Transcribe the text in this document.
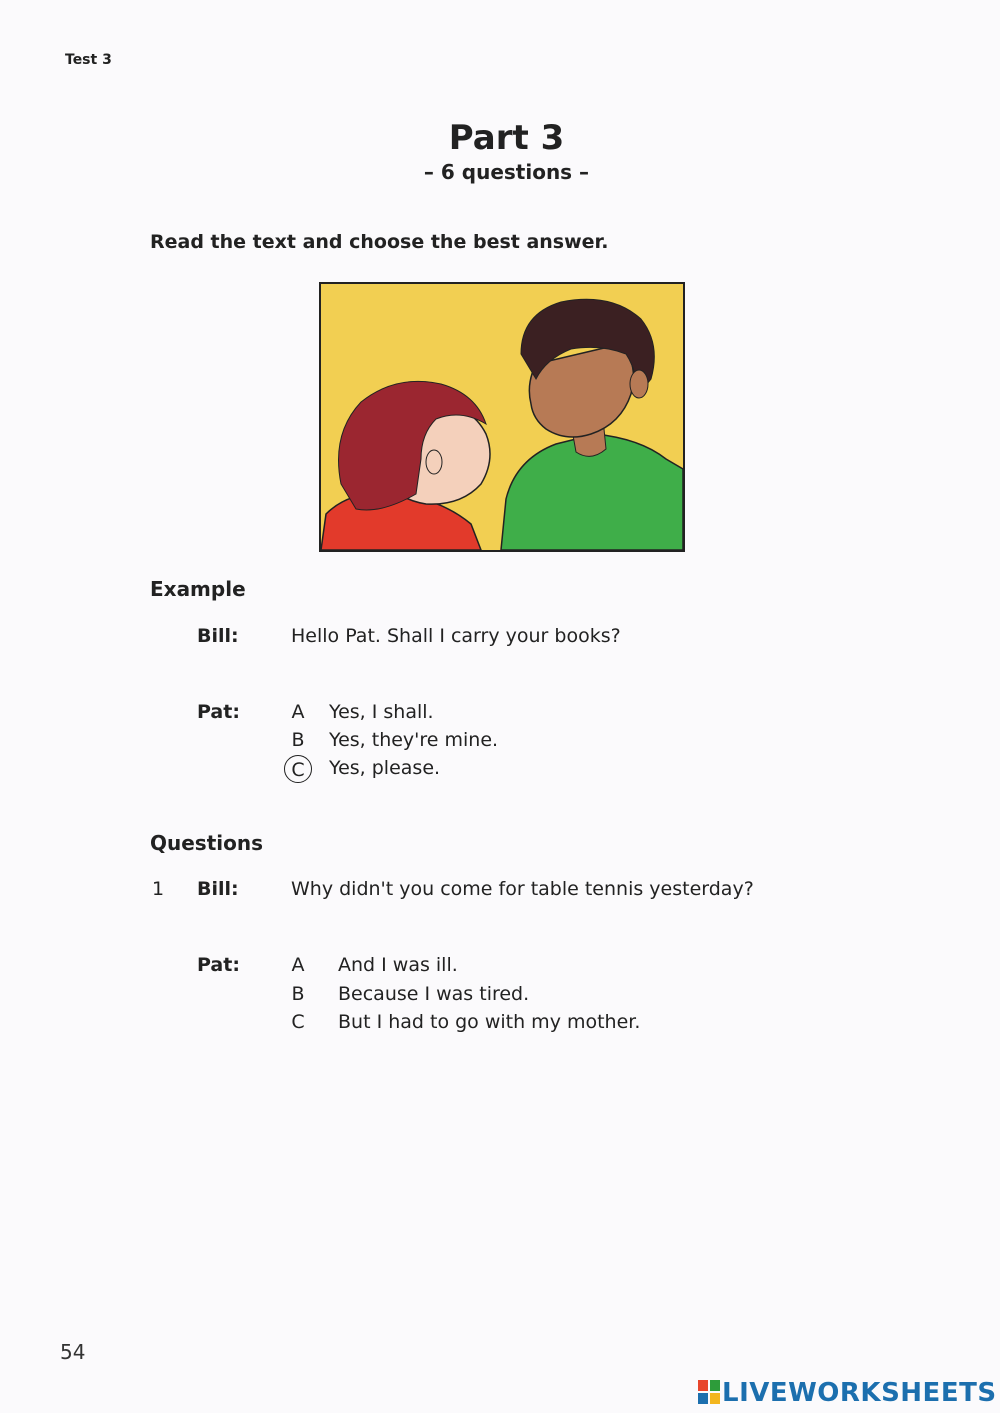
Test 3
Part 3
– 6 questions –
Read the text and choose the best answer.
Example
Bill:	Hello Pat. Shall I carry your books?
Pat:	A Yes, I shall.
B Yes, they're mine.
C	Yes, please.
Questions
1 Bill:	Why didn't you come for table tennis yesterday?
Pat:	A And I was ill.
B Because I was tired.
C But I had to go with my mother.
54
LIVEWORKSHEETS
